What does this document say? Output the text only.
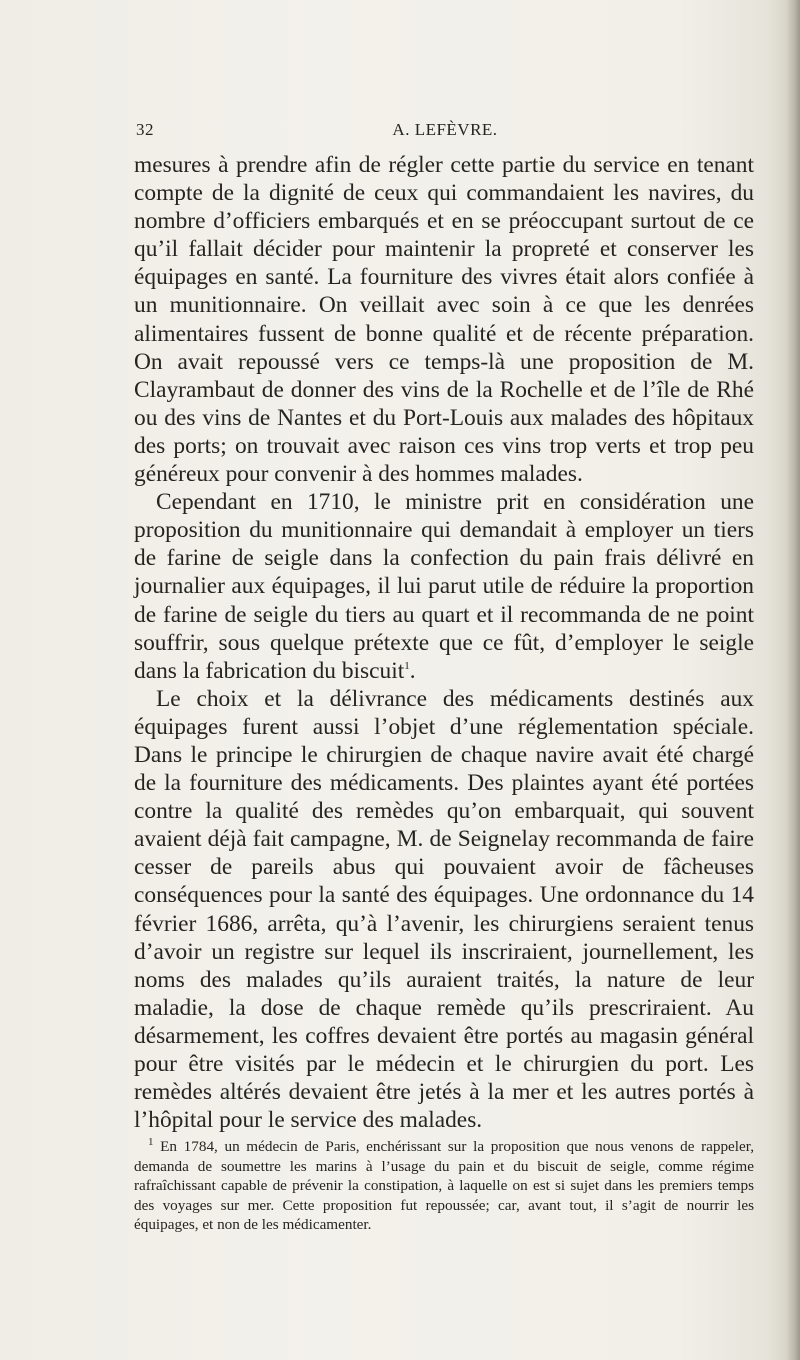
32	A. LEFÈVRE.

mesures à prendre afin de régler cette partie du service en tenant compte de la dignité de ceux qui commandaient les navires, du nombre d’officiers embarqués et en se préoccupant surtout de ce qu’il fallait décider pour maintenir la propreté et conserver les équipages en santé. La fourniture des vivres était alors confiée à un munitionnaire. On veillait avec soin à ce que les denrées alimentaires fussent de bonne qualité et de récente préparation. On avait repoussé vers ce temps-là une proposition de M. Clayrambaut de donner des vins de la Rochelle et de l’île de Rhé ou des vins de Nantes et du Port-Louis aux malades des hôpitaux des ports; on trouvait avec raison ces vins trop verts et trop peu généreux pour convenir à des hommes malades.

Cependant en 1710, le ministre prit en considération une proposition du munitionnaire qui demandait à employer un tiers de farine de seigle dans la confection du pain frais délivré en journalier aux équipages, il lui parut utile de réduire la proportion de farine de seigle du tiers au quart et il recommanda de ne point souffrir, sous quelque prétexte que ce fût, d’employer le seigle dans la fabrication du biscuit$^1$.

Le choix et la délivrance des médicaments destinés aux équipages furent aussi l’objet d’une réglementation spéciale. Dans le principe le chirurgien de chaque navire avait été chargé de la fourniture des médicaments. Des plaintes ayant été portées contre la qualité des remèdes qu’on embarquait, qui souvent avaient déjà fait campagne, M. de Seignelay recommanda de faire cesser de pareils abus qui pouvaient avoir de fâcheuses conséquences pour la santé des équipages. Une ordonnance du 14 février 1686, arrêta, qu’à l’avenir, les chirurgiens seraient tenus d’avoir un registre sur lequel ils inscriraient, journellement, les noms des malades qu’ils auraient traités, la nature de leur maladie, la dose de chaque remède qu’ils prescriraient. Au désarmement, les coffres devaient être portés au magasin général pour être visités par le médecin et le chirurgien du port. Les remèdes altérés devaient être jetés à la mer et les autres portés à l’hôpital pour le service des malades.

$^1$ En 1784, un médecin de Paris, enchérissant sur la proposition que nous venons de rappeler, demanda de soumettre les marins à l’usage du pain et du biscuit de seigle, comme régime rafraîchissant capable de prévenir la constipation, à laquelle on est si sujet dans les premiers temps des voyages sur mer. Cette proposition fut repoussée; car, avant tout, il s’agit de nourrir les équipages, et non de les médicamenter.
